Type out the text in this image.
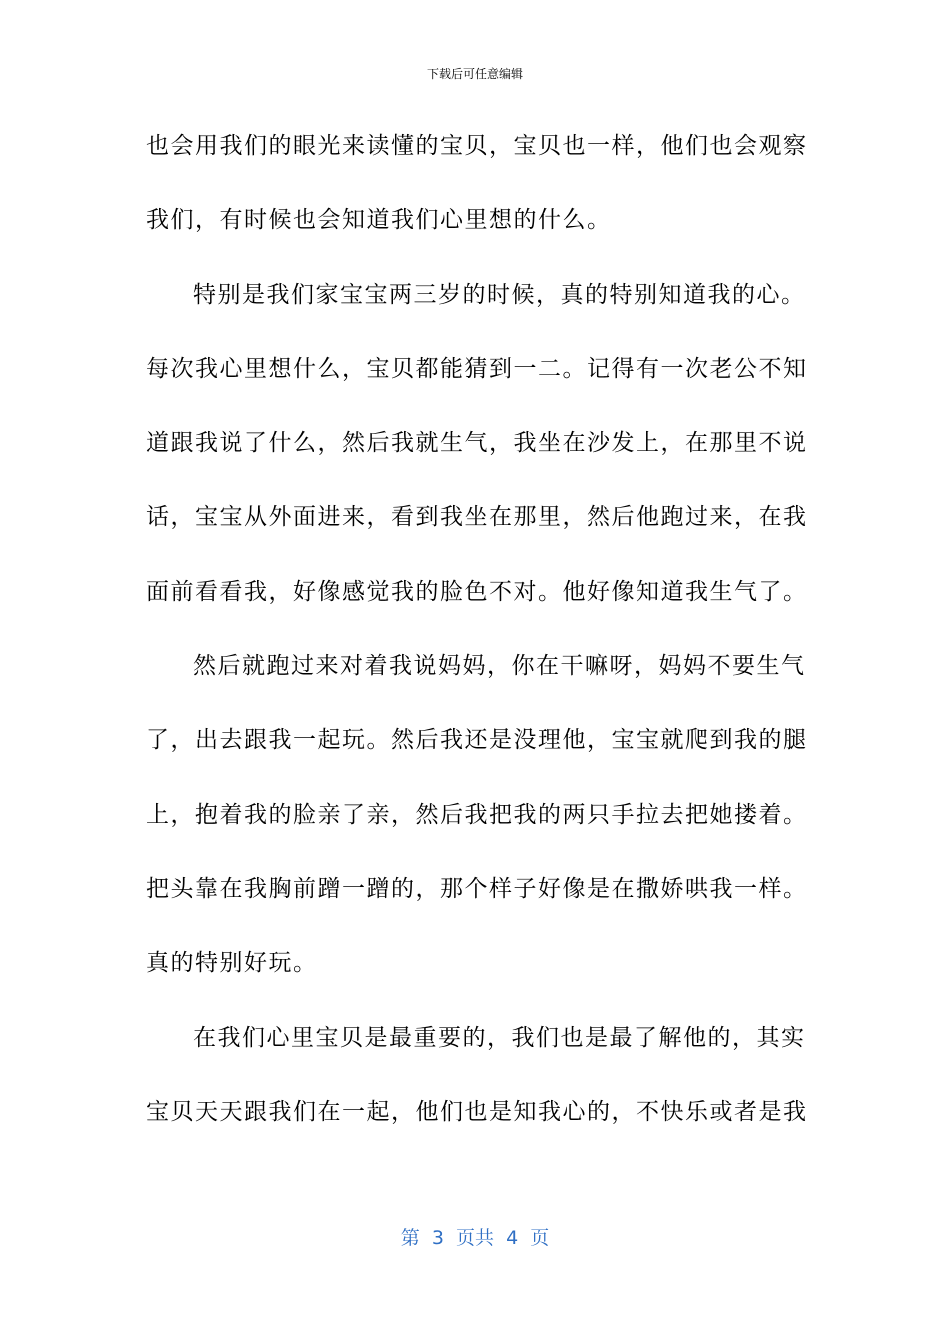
下载后可任意编辑
也会用我们的眼光来读懂的宝贝，宝贝也一样，他们也会观察
我们，有时候也会知道我们心里想的什么。
特别是我们家宝宝两三岁的时候，真的特别知道我的心。
每次我心里想什么，宝贝都能猜到一二。记得有一次老公不知
道跟我说了什么，然后我就生气，我坐在沙发上，在那里不说
话，宝宝从外面进来，看到我坐在那里，然后他跑过来，在我
面前看看我，好像感觉我的脸色不对。他好像知道我生气了。
然后就跑过来对着我说妈妈，你在干嘛呀，妈妈不要生气
了，出去跟我一起玩。然后我还是没理他，宝宝就爬到我的腿
上，抱着我的脸亲了亲，然后我把我的两只手拉去把她搂着。
把头靠在我胸前蹭一蹭的，那个样子好像是在撒娇哄我一样。
真的特别好玩。
在我们心里宝贝是最重要的，我们也是最了解他的，其实
宝贝天天跟我们在一起，他们也是知我心的，不快乐或者是我
第  3  页共  4  页
